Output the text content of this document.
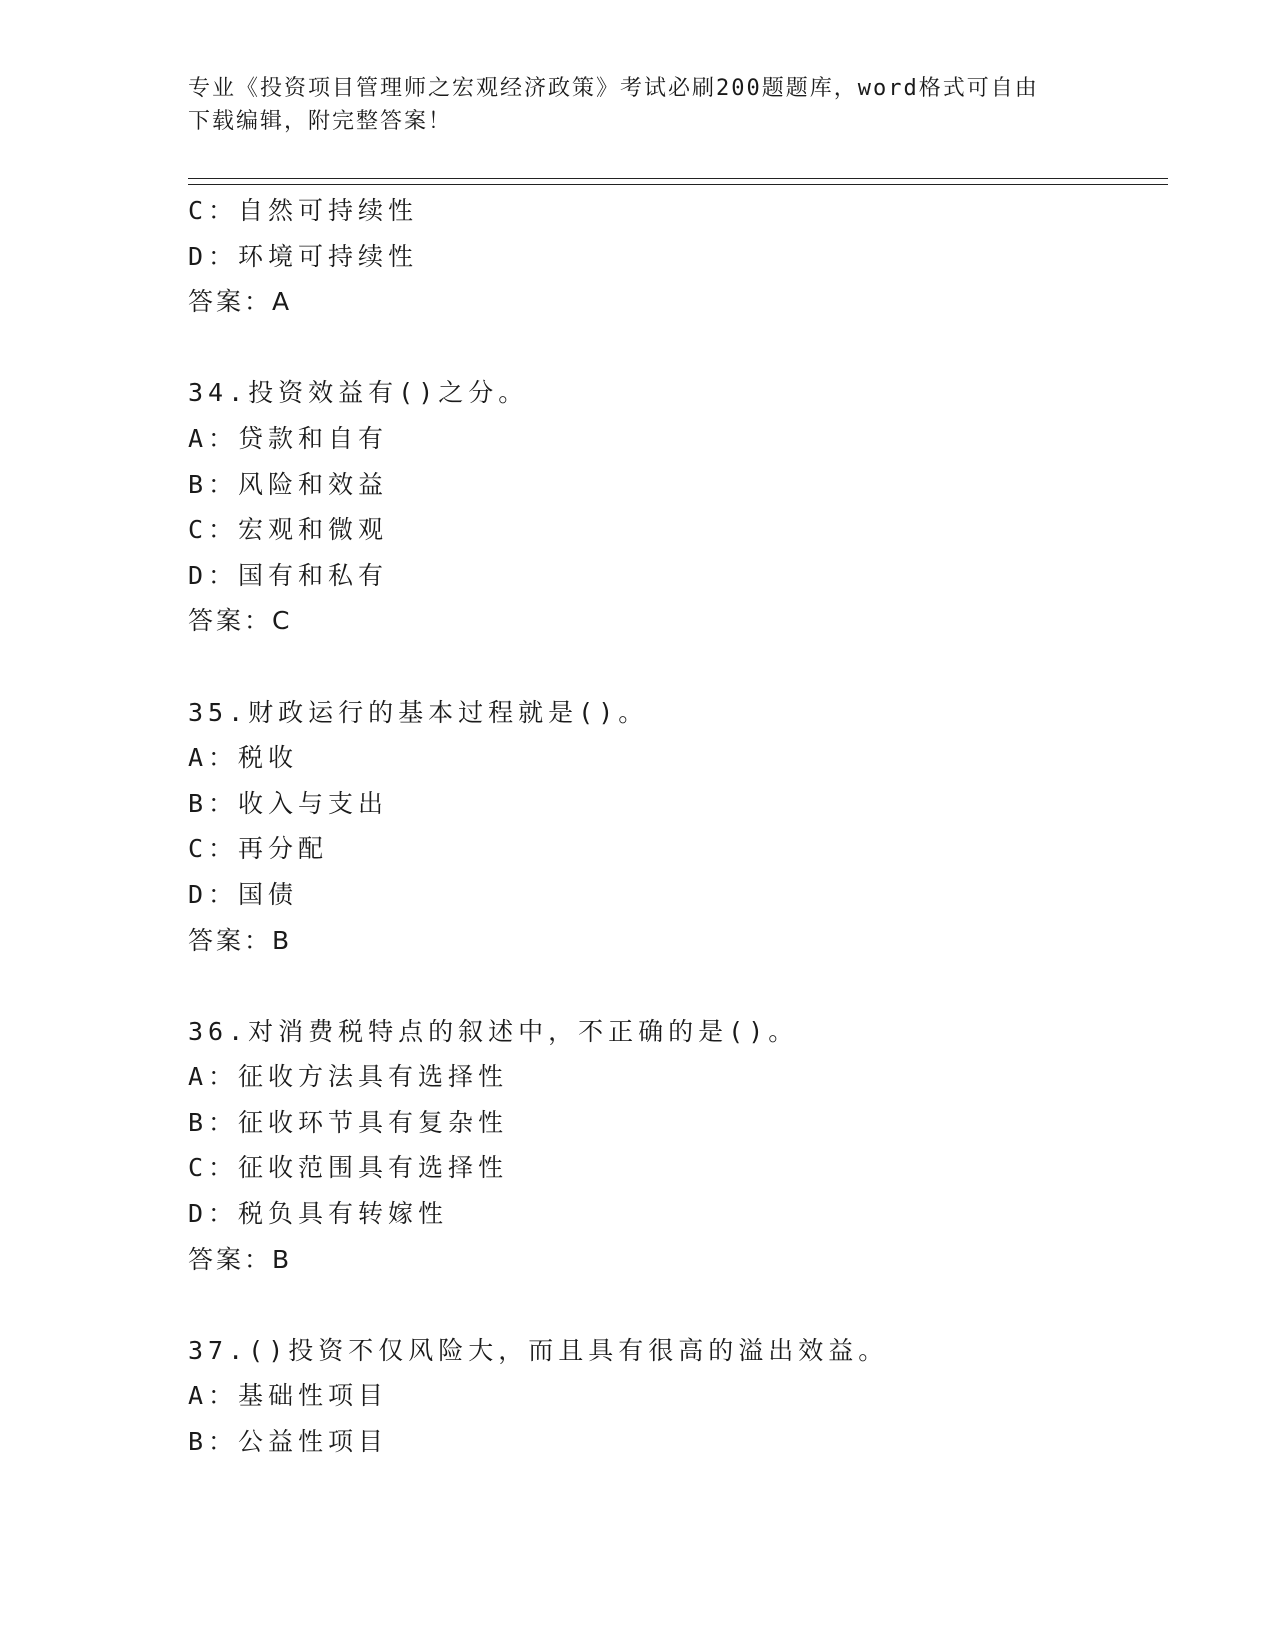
专业《投资项目管理师之宏观经济政策》考试必刷200题题库，word格式可自由
下载编辑，附完整答案！
C：自然可持续性
D：环境可持续性
答案：A
34.投资效益有()之分。
A：贷款和自有
B：风险和效益
C：宏观和微观
D：国有和私有
答案：C
35.财政运行的基本过程就是()。
A：税收
B：收入与支出
C：再分配
D：国债
答案：B
36.对消费税特点的叙述中，不正确的是()。
A：征收方法具有选择性
B：征收环节具有复杂性
C：征收范围具有选择性
D：税负具有转嫁性
答案：B
37.()投资不仅风险大，而且具有很高的溢出效益。
A：基础性项目
B：公益性项目
